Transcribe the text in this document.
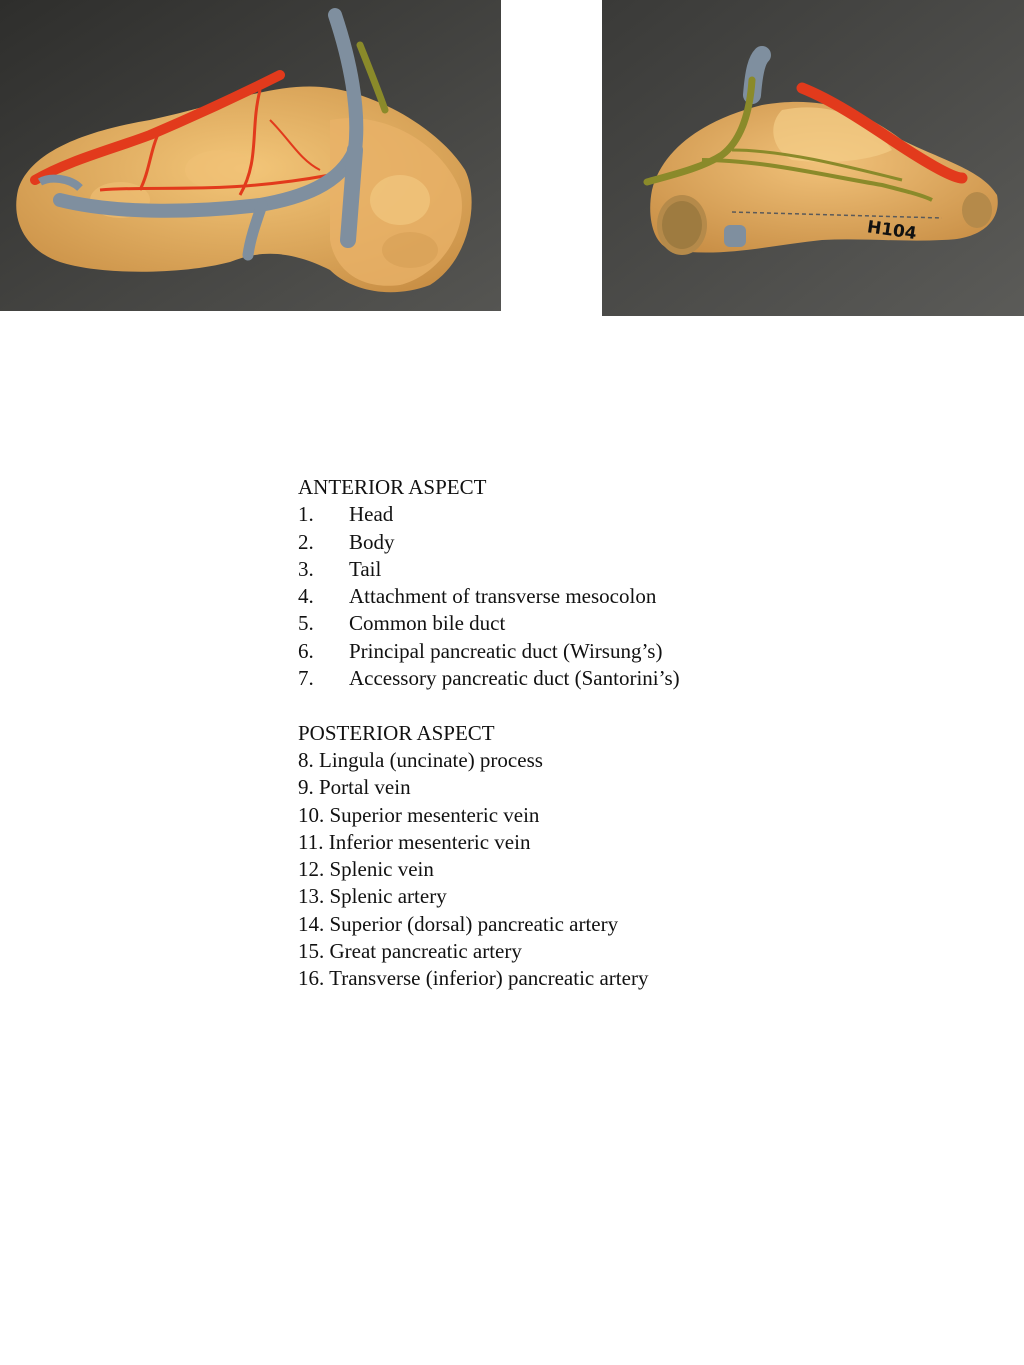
H104

ANTERIOR ASPECT

1.	Head
2.	Body
3.	Tail
4.	Attachment of transverse mesocolon
5.	Common bile duct
6.	Principal pancreatic duct (Wirsung’s)
7.	Accessory pancreatic duct (Santorini’s)

POSTERIOR ASPECT

8. Lingula (uncinate) process
9. Portal vein
10. Superior mesenteric vein
11. Inferior mesenteric vein
12. Splenic vein
13. Splenic artery
14. Superior (dorsal) pancreatic artery
15. Great pancreatic artery
16. Transverse (inferior) pancreatic artery
